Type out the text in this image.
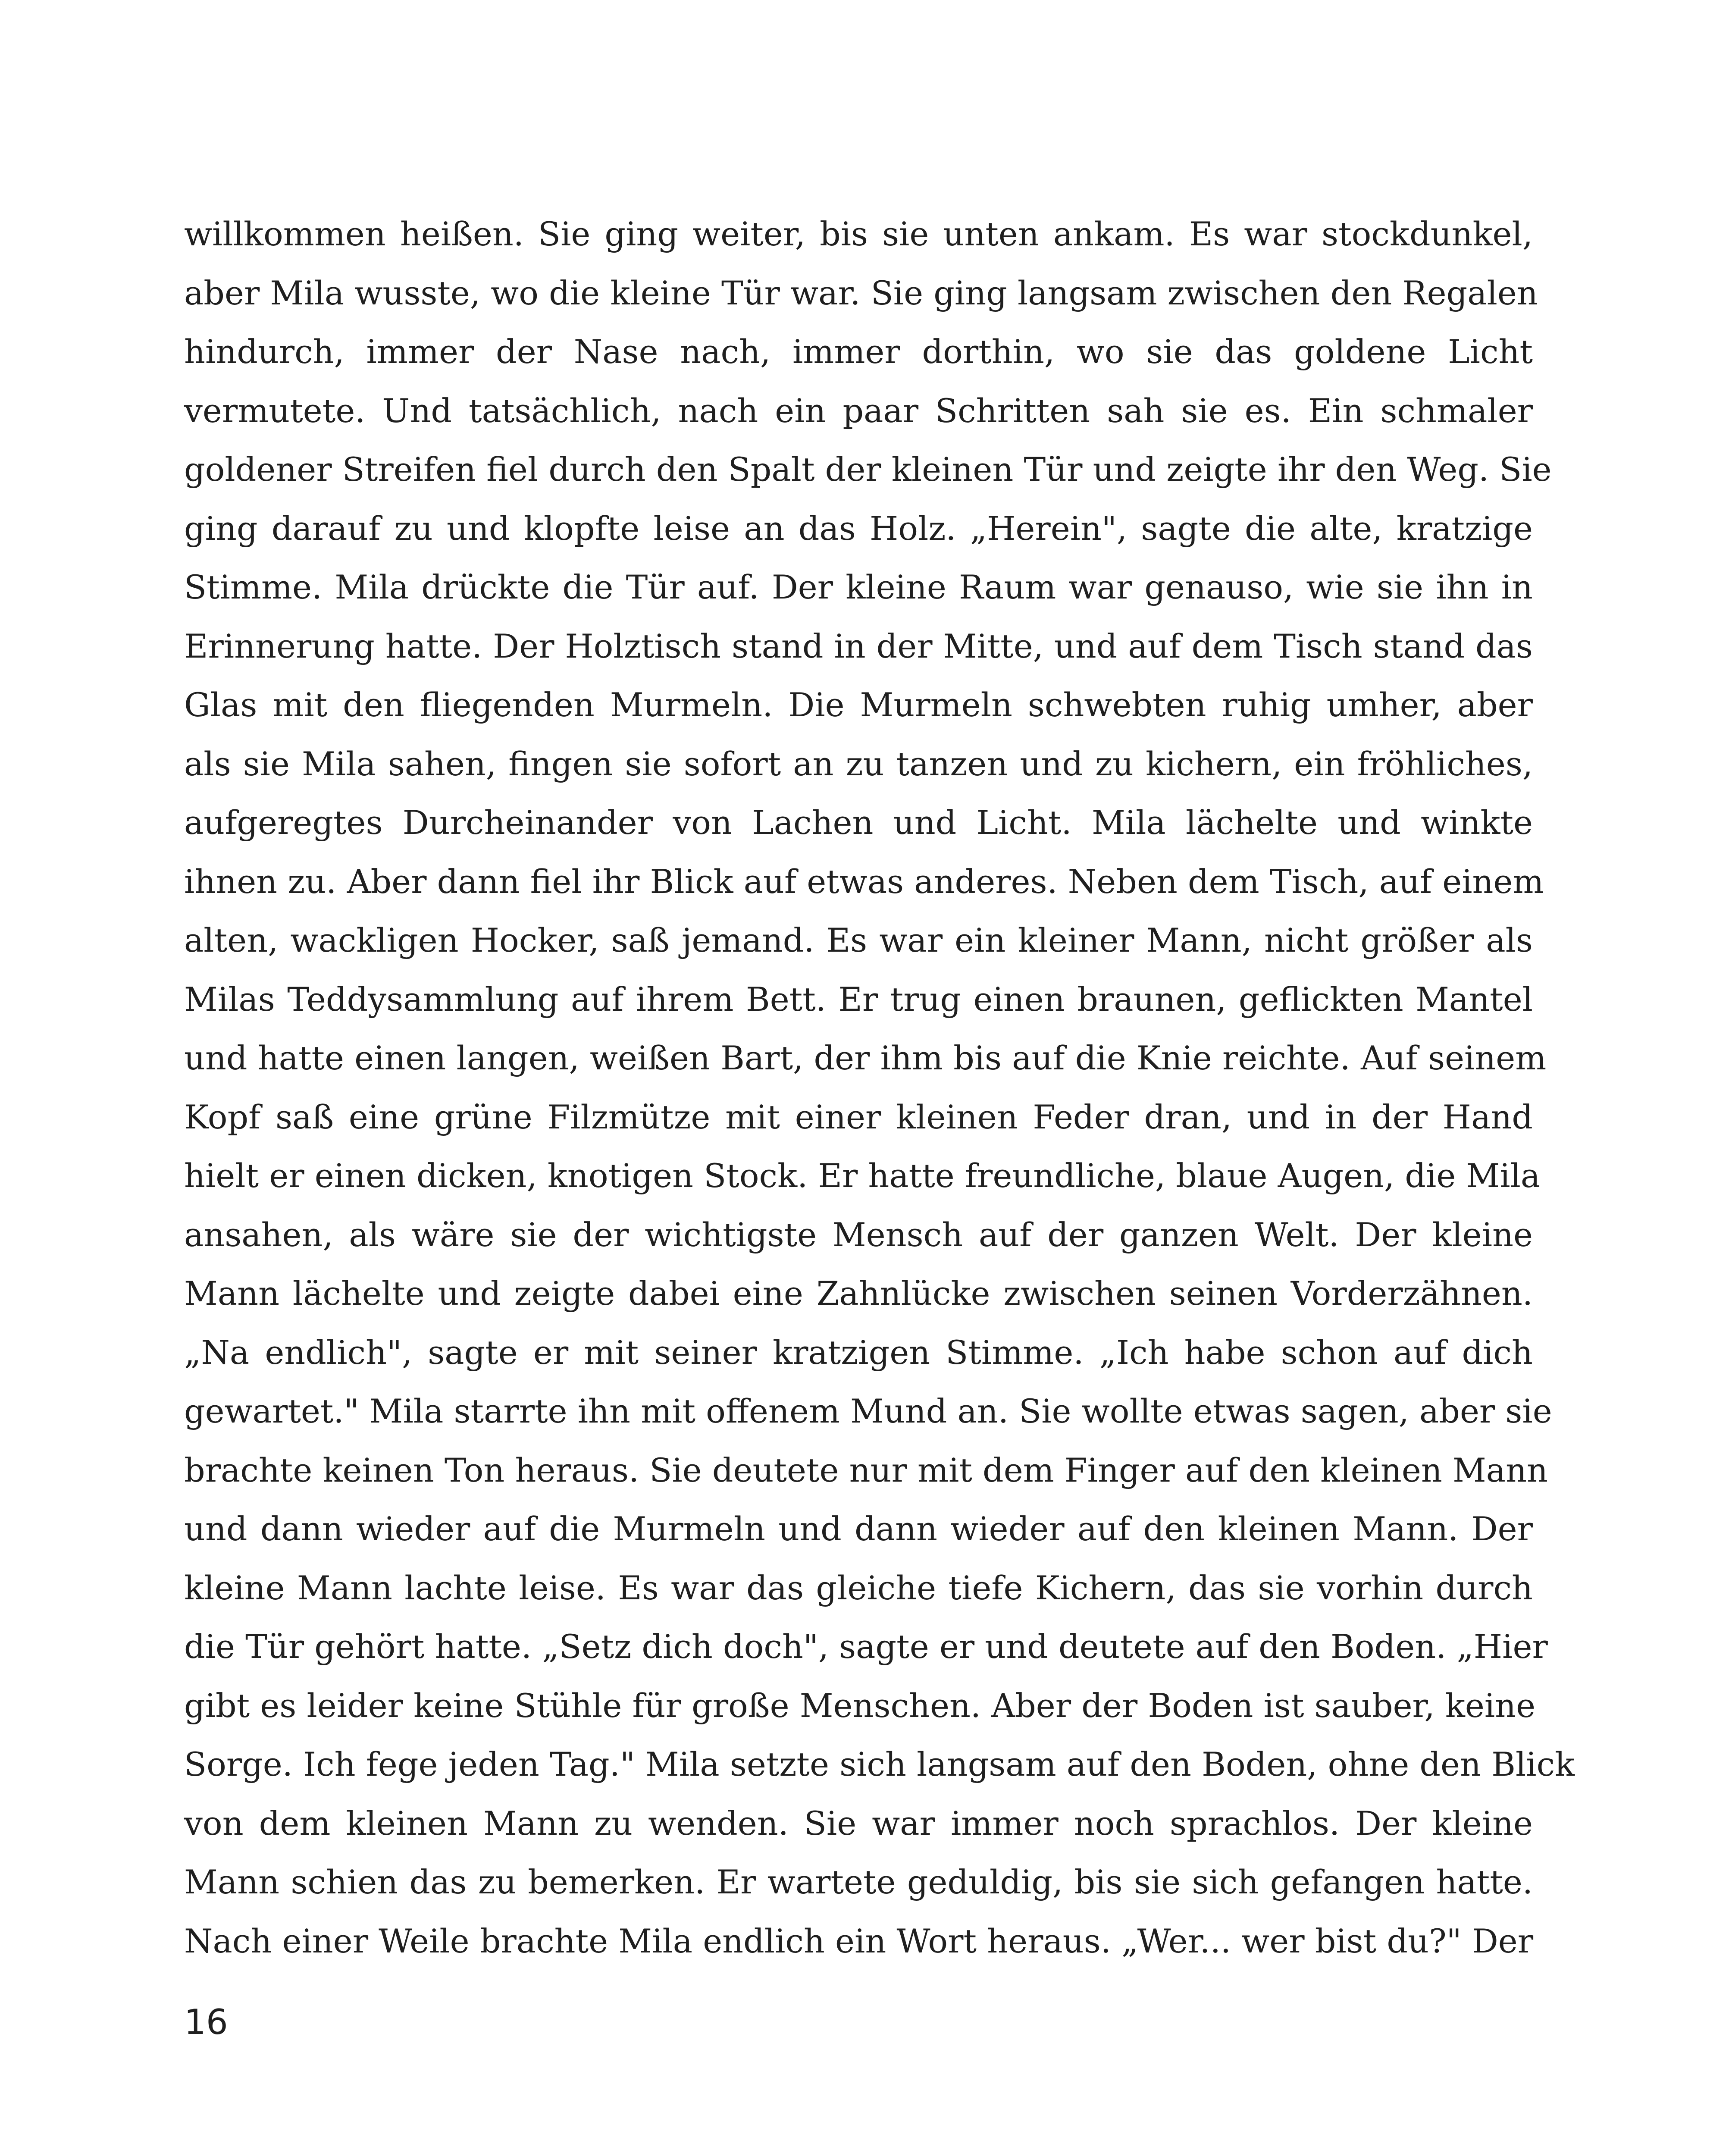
willkommen heißen. Sie ging weiter, bis sie unten ankam. Es war stockdunkel,
aber Mila wusste, wo die kleine Tür war. Sie ging langsam zwischen den Regalen
hindurch, immer der Nase nach, immer dorthin, wo sie das goldene Licht
vermutete. Und tatsächlich, nach ein paar Schritten sah sie es. Ein schmaler
goldener Streifen fiel durch den Spalt der kleinen Tür und zeigte ihr den Weg. Sie
ging darauf zu und klopfte leise an das Holz. „Herein", sagte die alte, kratzige
Stimme. Mila drückte die Tür auf. Der kleine Raum war genauso, wie sie ihn in
Erinnerung hatte. Der Holztisch stand in der Mitte, und auf dem Tisch stand das
Glas mit den fliegenden Murmeln. Die Murmeln schwebten ruhig umher, aber
als sie Mila sahen, fingen sie sofort an zu tanzen und zu kichern, ein fröhliches,
aufgeregtes Durcheinander von Lachen und Licht. Mila lächelte und winkte
ihnen zu. Aber dann fiel ihr Blick auf etwas anderes. Neben dem Tisch, auf einem
alten, wackligen Hocker, saß jemand. Es war ein kleiner Mann, nicht größer als
Milas Teddysammlung auf ihrem Bett. Er trug einen braunen, geflickten Mantel
und hatte einen langen, weißen Bart, der ihm bis auf die Knie reichte. Auf seinem
Kopf saß eine grüne Filzmütze mit einer kleinen Feder dran, und in der Hand
hielt er einen dicken, knotigen Stock. Er hatte freundliche, blaue Augen, die Mila
ansahen, als wäre sie der wichtigste Mensch auf der ganzen Welt. Der kleine
Mann lächelte und zeigte dabei eine Zahnlücke zwischen seinen Vorderzähnen.
„Na endlich", sagte er mit seiner kratzigen Stimme. „Ich habe schon auf dich
gewartet." Mila starrte ihn mit offenem Mund an. Sie wollte etwas sagen, aber sie
brachte keinen Ton heraus. Sie deutete nur mit dem Finger auf den kleinen Mann
und dann wieder auf die Murmeln und dann wieder auf den kleinen Mann. Der
kleine Mann lachte leise. Es war das gleiche tiefe Kichern, das sie vorhin durch
die Tür gehört hatte. „Setz dich doch", sagte er und deutete auf den Boden. „Hier
gibt es leider keine Stühle für große Menschen. Aber der Boden ist sauber, keine
Sorge. Ich fege jeden Tag." Mila setzte sich langsam auf den Boden, ohne den Blick
von dem kleinen Mann zu wenden. Sie war immer noch sprachlos. Der kleine
Mann schien das zu bemerken. Er wartete geduldig, bis sie sich gefangen hatte.
Nach einer Weile brachte Mila endlich ein Wort heraus. „Wer... wer bist du?" Der
16
